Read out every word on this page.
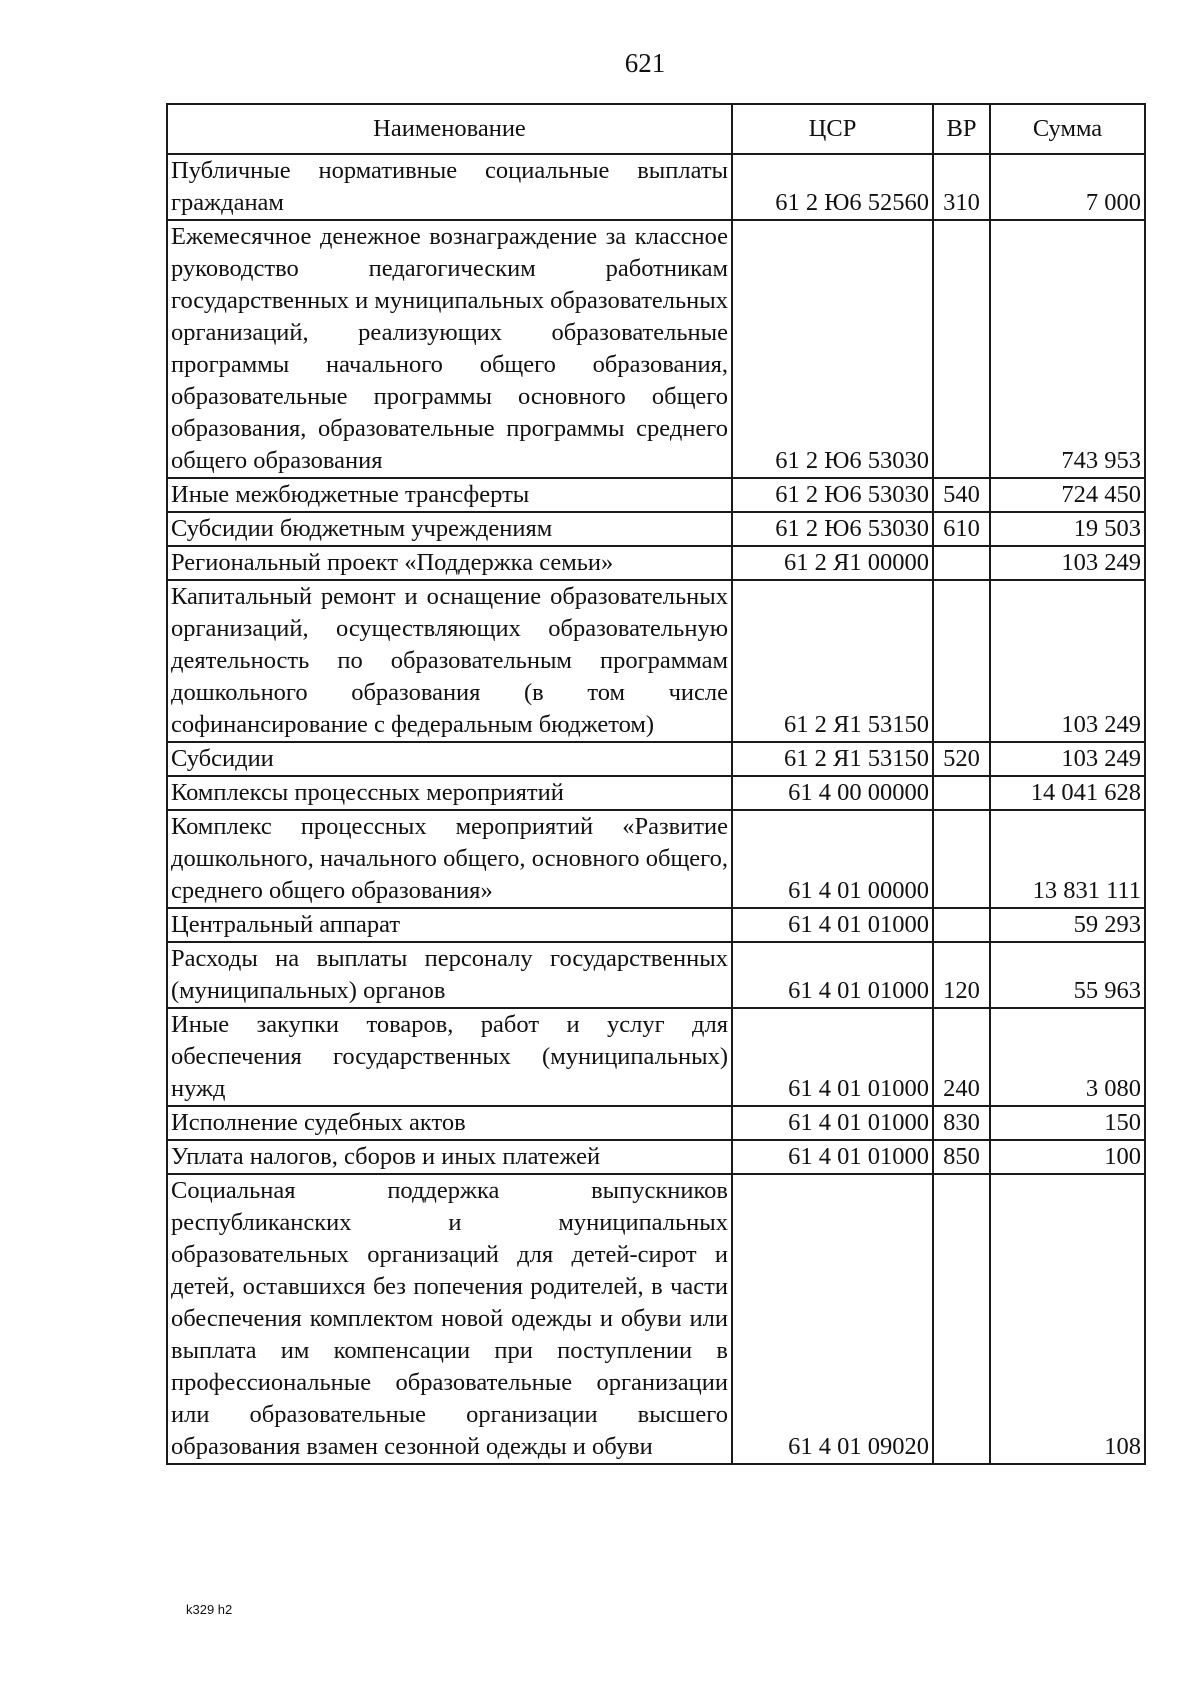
621
Наименование	ЦСР	ВР	Сумма
Публичные нормативные социальные выплаты гражданам	61 2 Ю6 52560	310	7 000
Ежемесячное денежное вознаграждение за классное руководство педагогическим работникам государственных и муниципальных образовательных организаций, реализующих образовательные программы начального общего образования, образовательные программы основного общего образования, образовательные программы среднего общего образования	61 2 Ю6 53030		743 953
Иные межбюджетные трансферты	61 2 Ю6 53030	540	724 450
Субсидии бюджетным учреждениям	61 2 Ю6 53030	610	19 503
Региональный проект «Поддержка семьи»	61 2 Я1 00000		103 249
Капитальный ремонт и оснащение образовательных организаций, осуществляющих образовательную деятельность по образовательным программам дошкольного образования (в том числе софинансирование с федеральным бюджетом)	61 2 Я1 53150		103 249
Субсидии	61 2 Я1 53150	520	103 249
Комплексы процессных мероприятий	61 4 00 00000		14 041 628
Комплекс процессных мероприятий «Развитие дошкольного, начального общего, основного общего, среднего общего образования»	61 4 01 00000		13 831 111
Центральный аппарат	61 4 01 01000		59 293
Расходы на выплаты персоналу государственных (муниципальных) органов	61 4 01 01000	120	55 963
Иные закупки товаров, работ и услуг для обеспечения государственных (муниципальных) нужд	61 4 01 01000	240	3 080
Исполнение судебных актов	61 4 01 01000	830	150
Уплата налогов, сборов и иных платежей	61 4 01 01000	850	100
Социальная поддержка выпускников республиканских и муниципальных образовательных организаций для детей-сирот и детей, оставшихся без попечения родителей, в части обеспечения комплектом новой одежды и обуви или выплата им компенсации при поступлении в профессиональные образовательные организации или образовательные организации высшего образования взамен сезонной одежды и обуви	61 4 01 09020		108
k329 h2
